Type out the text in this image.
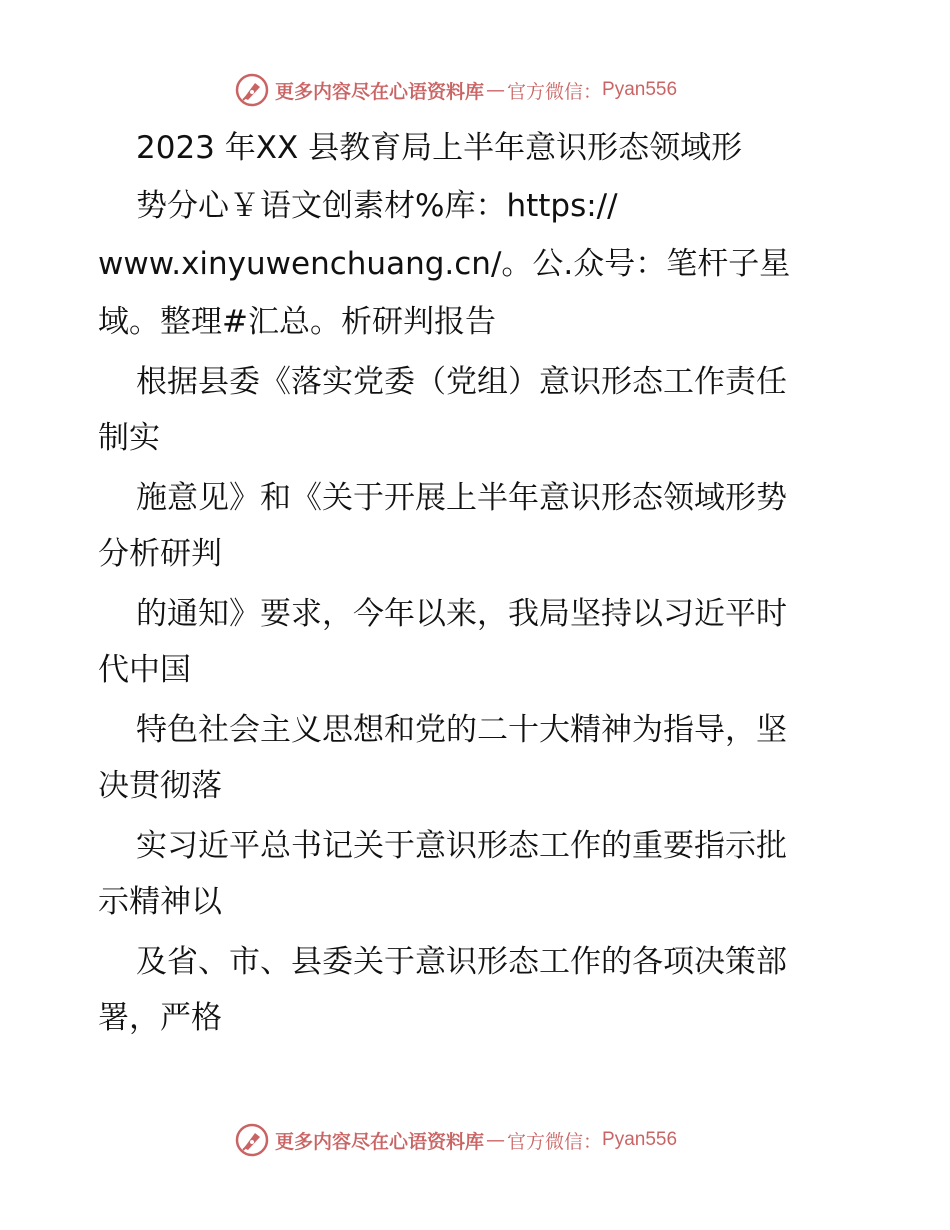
更多内容尽在心语资料库 — 官方微信： Pyan556
2023 年XX 县教育局上半年意识形态领域形
势分心￥语文创素材%库：https://
www.xinyuwenchuang.cn/。公.众号：笔杆子星
域。整理#汇总。析研判报告
根据县委《落实党委（党组）意识形态工作责任
制实
施意见》和《关于开展上半年意识形态领域形势
分析研判
的通知》要求，今年以来，我局坚持以习近平时
代中国
特色社会主义思想和党的二十大精神为指导，坚
决贯彻落
实习近平总书记关于意识形态工作的重要指示批
示精神以
及省、市、县委关于意识形态工作的各项决策部
署，严格
更多内容尽在心语资料库 — 官方微信： Pyan556
